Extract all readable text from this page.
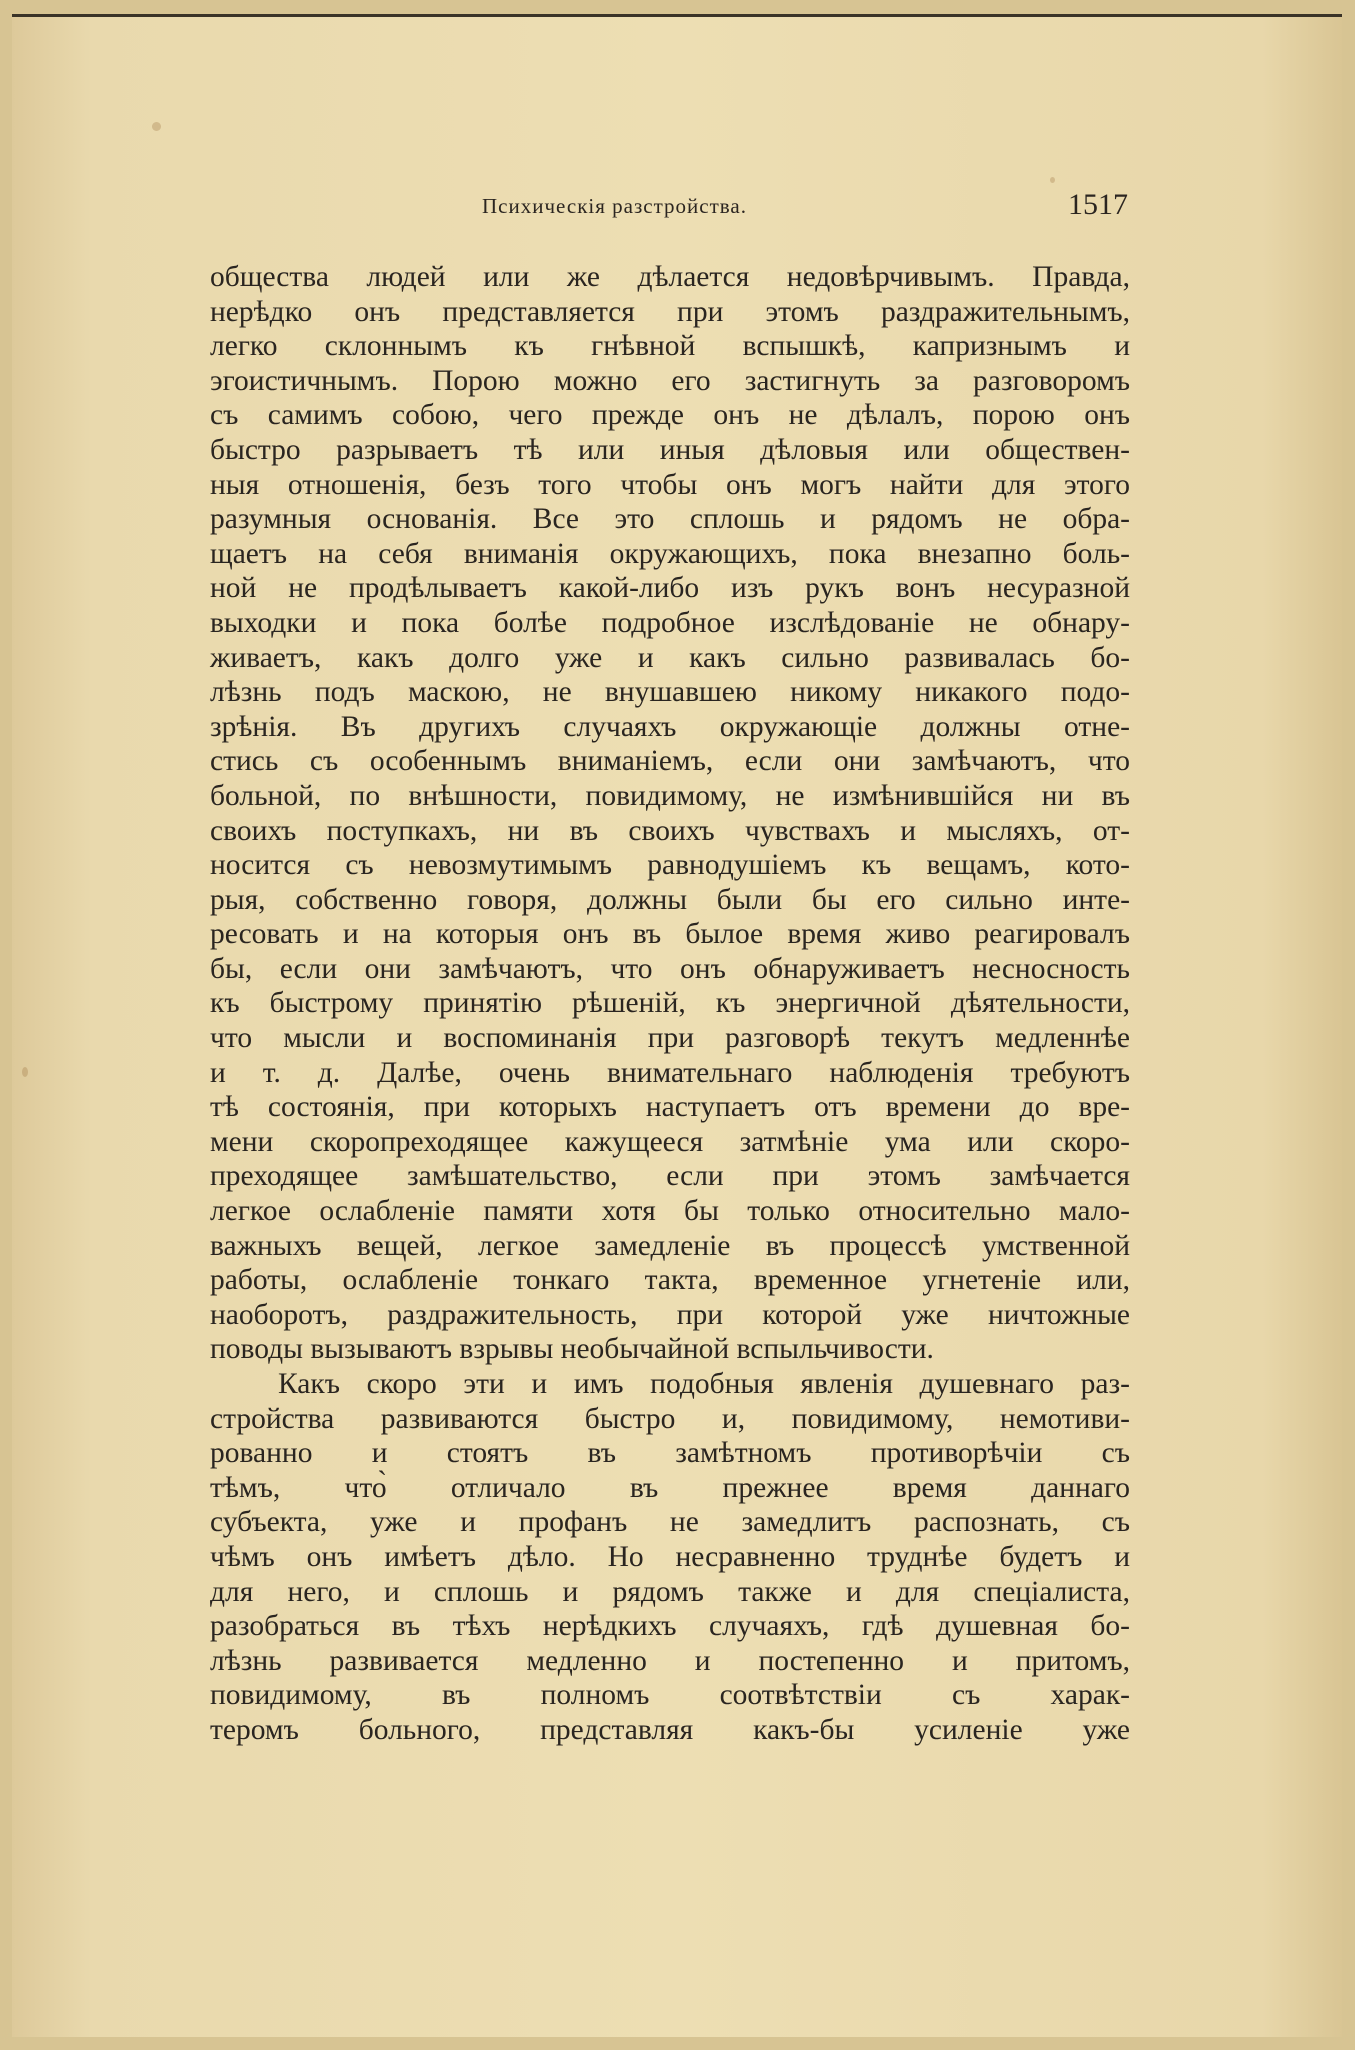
Психическія разстройства.	1517
общества людей или же дѣлается недовѣрчивымъ. Правда,
нерѣдко онъ представляется при этомъ раздражительнымъ,
легко склоннымъ къ гнѣвной вспышкѣ, капризнымъ и
эгоистичнымъ. Порою можно его застигнуть за разговоромъ
съ самимъ собою, чего прежде онъ не дѣлалъ, порою онъ
быстро разрываетъ тѣ или иныя дѣловыя или обществен-
ныя отношенія, безъ того чтобы онъ могъ найти для этого
разумныя основанія. Все это сплошь и рядомъ не обра-
щаетъ на себя вниманія окружающихъ, пока внезапно боль-
ной не продѣлываетъ какой-либо изъ рукъ вонъ несуразной
выходки и пока болѣе подробное изслѣдованіе не обнару-
живаетъ, какъ долго уже и какъ сильно развивалась бо-
лѣзнь подъ маскою, не внушавшею никому никакого подо-
зрѣнія. Въ другихъ случаяхъ окружающіе должны отне-
стись съ особеннымъ вниманіемъ, если они замѣчаютъ, что
больной, по внѣшности, повидимому, не измѣнившійся ни въ
своихъ поступкахъ, ни въ своихъ чувствахъ и мысляхъ, от-
носится съ невозмутимымъ равнодушіемъ къ вещамъ, кото-
рыя, собственно говоря, должны были бы его сильно инте-
ресовать и на которыя онъ въ былое время живо реагировалъ
бы, если они замѣчаютъ, что онъ обнаруживаетъ несносность
къ быстрому принятію рѣшеній, къ энергичной дѣятельности,
что мысли и воспоминанія при разговорѣ текутъ медленнѣе
и т. д. Далѣе, очень внимательнаго наблюденія требуютъ
тѣ состоянія, при которыхъ наступаетъ отъ времени до вре-
мени скоропреходящее кажущееся затмѣніе ума или скоро-
преходящее замѣшательство, если при этомъ замѣчается
легкое ослабленіе памяти хотя бы только относительно мало-
важныхъ вещей, легкое замедленіе въ процессѣ умственной
работы, ослабленіе тонкаго такта, временное угнетеніе или,
наоборотъ, раздражительность, при которой уже ничтожные
поводы вызываютъ взрывы необычайной вспыльчивости.
Какъ скоро эти и имъ подобныя явленія душевнаго раз-
стройства развиваются быстро и, повидимому, немотиви-
рованно и стоятъ въ замѣтномъ противорѣчіи съ
тѣмъ, что̀ отличало въ прежнее время даннаго
субъекта, уже и профанъ не замедлитъ распознать, съ
чѣмъ онъ имѣетъ дѣло. Но несравненно труднѣе будетъ и
для него, и сплошь и рядомъ также и для спеціалиста,
разобраться въ тѣхъ нерѣдкихъ случаяхъ, гдѣ душевная бо-
лѣзнь развивается медленно и постепенно и притомъ,
повидимому, въ полномъ соотвѣтствіи съ харак-
теромъ больного, представляя какъ-бы усиленіе уже
